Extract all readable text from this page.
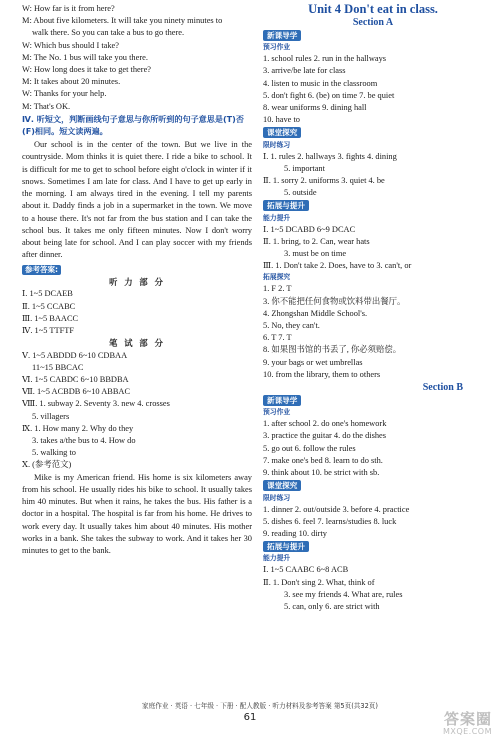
W: How far is it from here?
M: About five kilometers. It will take you ninety minutes to
walk there. So you can take a bus to go there.
W: Which bus should I take?
M: The No. 1 bus will take you there.
W: How long does it take to get there?
M: It takes about 20 minutes.
W: Thanks for your help.
M: That's OK.
Ⅳ. 听短文，判断画线句子意思与你所听到的句子意思是(T)否(F)相同。短文读两遍。
Our school is in the center of the town. But we live in the countryside. Mom thinks it is quiet there. I ride a bike to school. It is difficult for me to get to school before eight o'clock in winter if it snows. Sometimes I am late for class. And I have to get up early in the morning. I am always tired in the evening. I tell my parents about it. Daddy finds a job in a supermarket in the town. We move to a house there. It's not far from the bus station and I can take the school bus. It takes me only fifteen minutes. Now I don't worry about being late for school. And I can play soccer with my friends after dinner.
参考答案:
听 力 部 分
Ⅰ. 1~5 DCAEB
Ⅱ. 1~5 CCABC
Ⅲ. 1~5 BAACC
Ⅳ. 1~5 TTFTF
笔 试 部 分
Ⅴ. 1~5 ABDDD 6~10 CDBAA
11~15 BBCAC
Ⅵ. 1~5 CABDC 6~10 BBDBA
Ⅶ. 1~5 ACBDB 6~10 ABBAC
Ⅷ. 1. subway 2. Seventy 3. new 4. crosses
5. villagers
Ⅸ. 1. How many 2. Why do they
3. takes a/the bus to 4. How do
5. walking to
Ⅹ. (参考范文)
Mike is my American friend. His home is six kilometers away from his school. He usually rides his bike to school. It usually takes him 40 minutes. But when it rains, he takes the bus. His father is a doctor in a hospital. The hospital is far from his home. He drives to work every day. It usually takes him about 40 minutes. His mother works in a bank. She takes the subway to work. And it takes her 30 minutes to get to the bank.
Unit 4 Don't eat in class.
Section A
新课导学
预习作业
1. school rules 2. run in the hallways
3. arrive/be late for class
4. listen to music in the classroom
5. don't fight 6. (be) on time 7. be quiet
8. wear uniforms 9. dining hall
10. have to
课堂探究
限时练习
Ⅰ. 1. rules 2. hallways 3. fights 4. dining
5. important
Ⅱ. 1. sorry 2. uniforms 3. quiet 4. be
5. outside
拓展与提升
能力提升
Ⅰ. 1~5 DCABD 6~9 DCAC
Ⅱ. 1. bring, to 2. Can, wear hats
3. must be on time
Ⅲ. 1. Don't take 2. Does, have to 3. can't, or
拓展探究
1. F 2. T
3. 你不能把任何食物或饮料带出餐厅。
4. Zhongshan Middle School's.
5. No, they can't.
6. T 7. T
8. 如果图书馆的书丢了, 你必须赔偿。
9. your bags or wet umbrellas
10. from the library, them to others
Section B
新课导学
预习作业
1. after school 2. do one's homework
3. practice the guitar 4. do the dishes
5. go out 6. follow the rules
7. make one's bed 8. learn to do sth.
9. think about 10. be strict with sb.
课堂探究
限时练习
1. dinner 2. out/outside 3. before 4. practice
5. dishes 6. feel 7. learns/studies 8. luck
9. reading 10. dirty
拓展与提升
能力提升
Ⅰ. 1~5 CAABC 6~8 ACB
Ⅱ. 1. Don't sing 2. What, think of
3. see my friends 4. What are, rules
5. can, only 6. are strict with
家庭作业 · 英语 · 七年级 · 下册 · 配人教版 · 听力材料及参考答案 第5页(共32页)
61	答案圈
MXQE.COM
